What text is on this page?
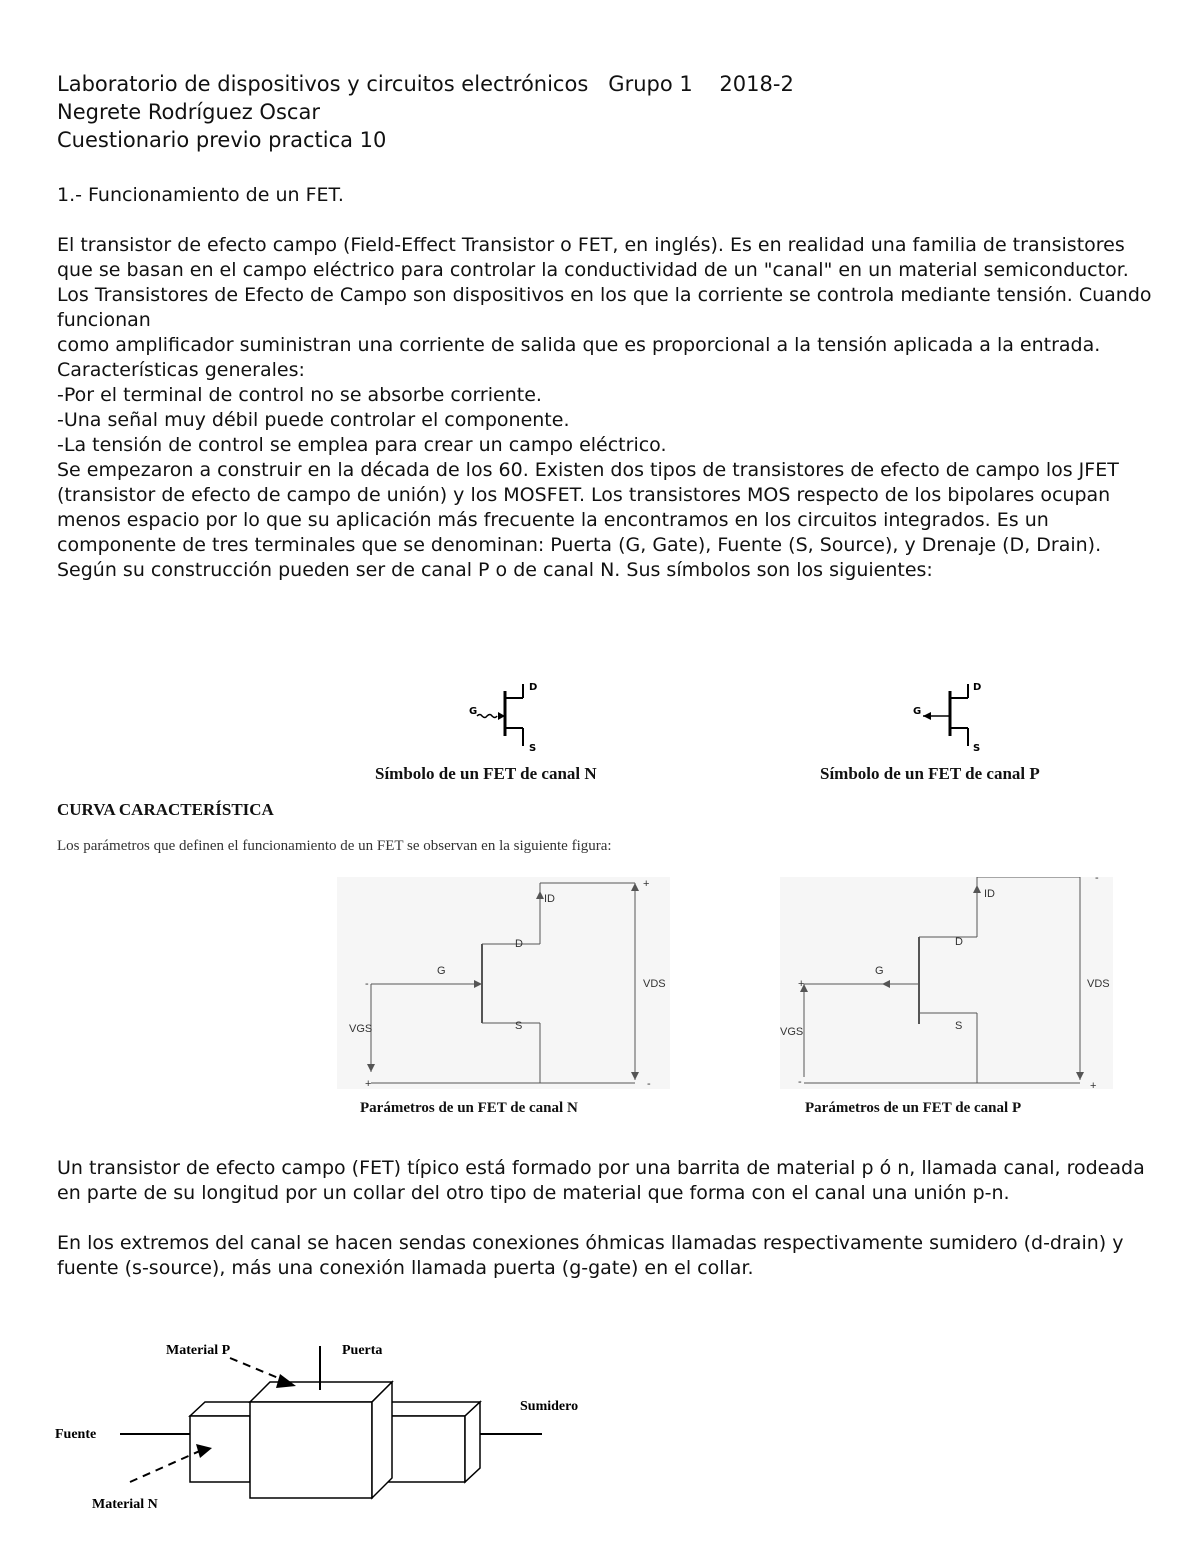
Laboratorio de dispositivos y circuitos electrónicos   Grupo 1    2018-2
Negrete Rodríguez Oscar
Cuestionario previo practica 10

1.- Funcionamiento de un FET.

El transistor de efecto campo (Field-Effect Transistor o FET, en inglés). Es en realidad una familia de transistores que se basan en el campo eléctrico para controlar la conductividad de un "canal" en un material semiconductor.

Los Transistores de Efecto de Campo son dispositivos en los que la corriente se controla mediante tensión. Cuando funcionan

como amplificador suministran una corriente de salida que es proporcional a la tensión aplicada a la entrada. Características generales:

-Por el terminal de control no se absorbe corriente.

-Una señal muy débil puede controlar el componente.

-La tensión de control se emplea para crear un campo eléctrico.

Se empezaron a construir en la década de los 60. Existen dos tipos de transistores de efecto de campo los JFET (transistor de efecto de campo de unión) y los MOSFET. Los transistores MOS respecto de los bipolares ocupan menos espacio por lo que su aplicación más frecuente la encontramos en los circuitos integrados. Es un componente de tres terminales que se denominan: Puerta (G, Gate), Fuente (S, Source), y Drenaje (D, Drain). Según su construcción pueden ser de canal P o de canal N. Sus símbolos son los siguientes:

D
G
S
Símbolo de un FET de canal N
D
G
S
Símbolo de un FET de canal P
CURVA CARACTERÍSTICA
Los parámetros que definen el funcionamiento de un FET se observan en la siguiente figura:
ID
D
G
VDS
VGS	S
+
-
+	-
Parámetros de un FET de canal N
ID
D
G
VDS
VGS	S
-
+
-	+
Parámetros de un FET de canal P

Un transistor de efecto campo (FET) típico está formado por una barrita de material p ó n, llamada canal, rodeada en parte de su longitud por un collar del otro tipo de material que forma con el canal una unión p-n.

En los extremos del canal se hacen sendas conexiones óhmicas llamadas respectivamente sumidero (d-drain) y fuente (s-source), más una conexión llamada puerta (g-gate) en el collar.

Material P	Puerta
Sumidero
Fuente
Material N
